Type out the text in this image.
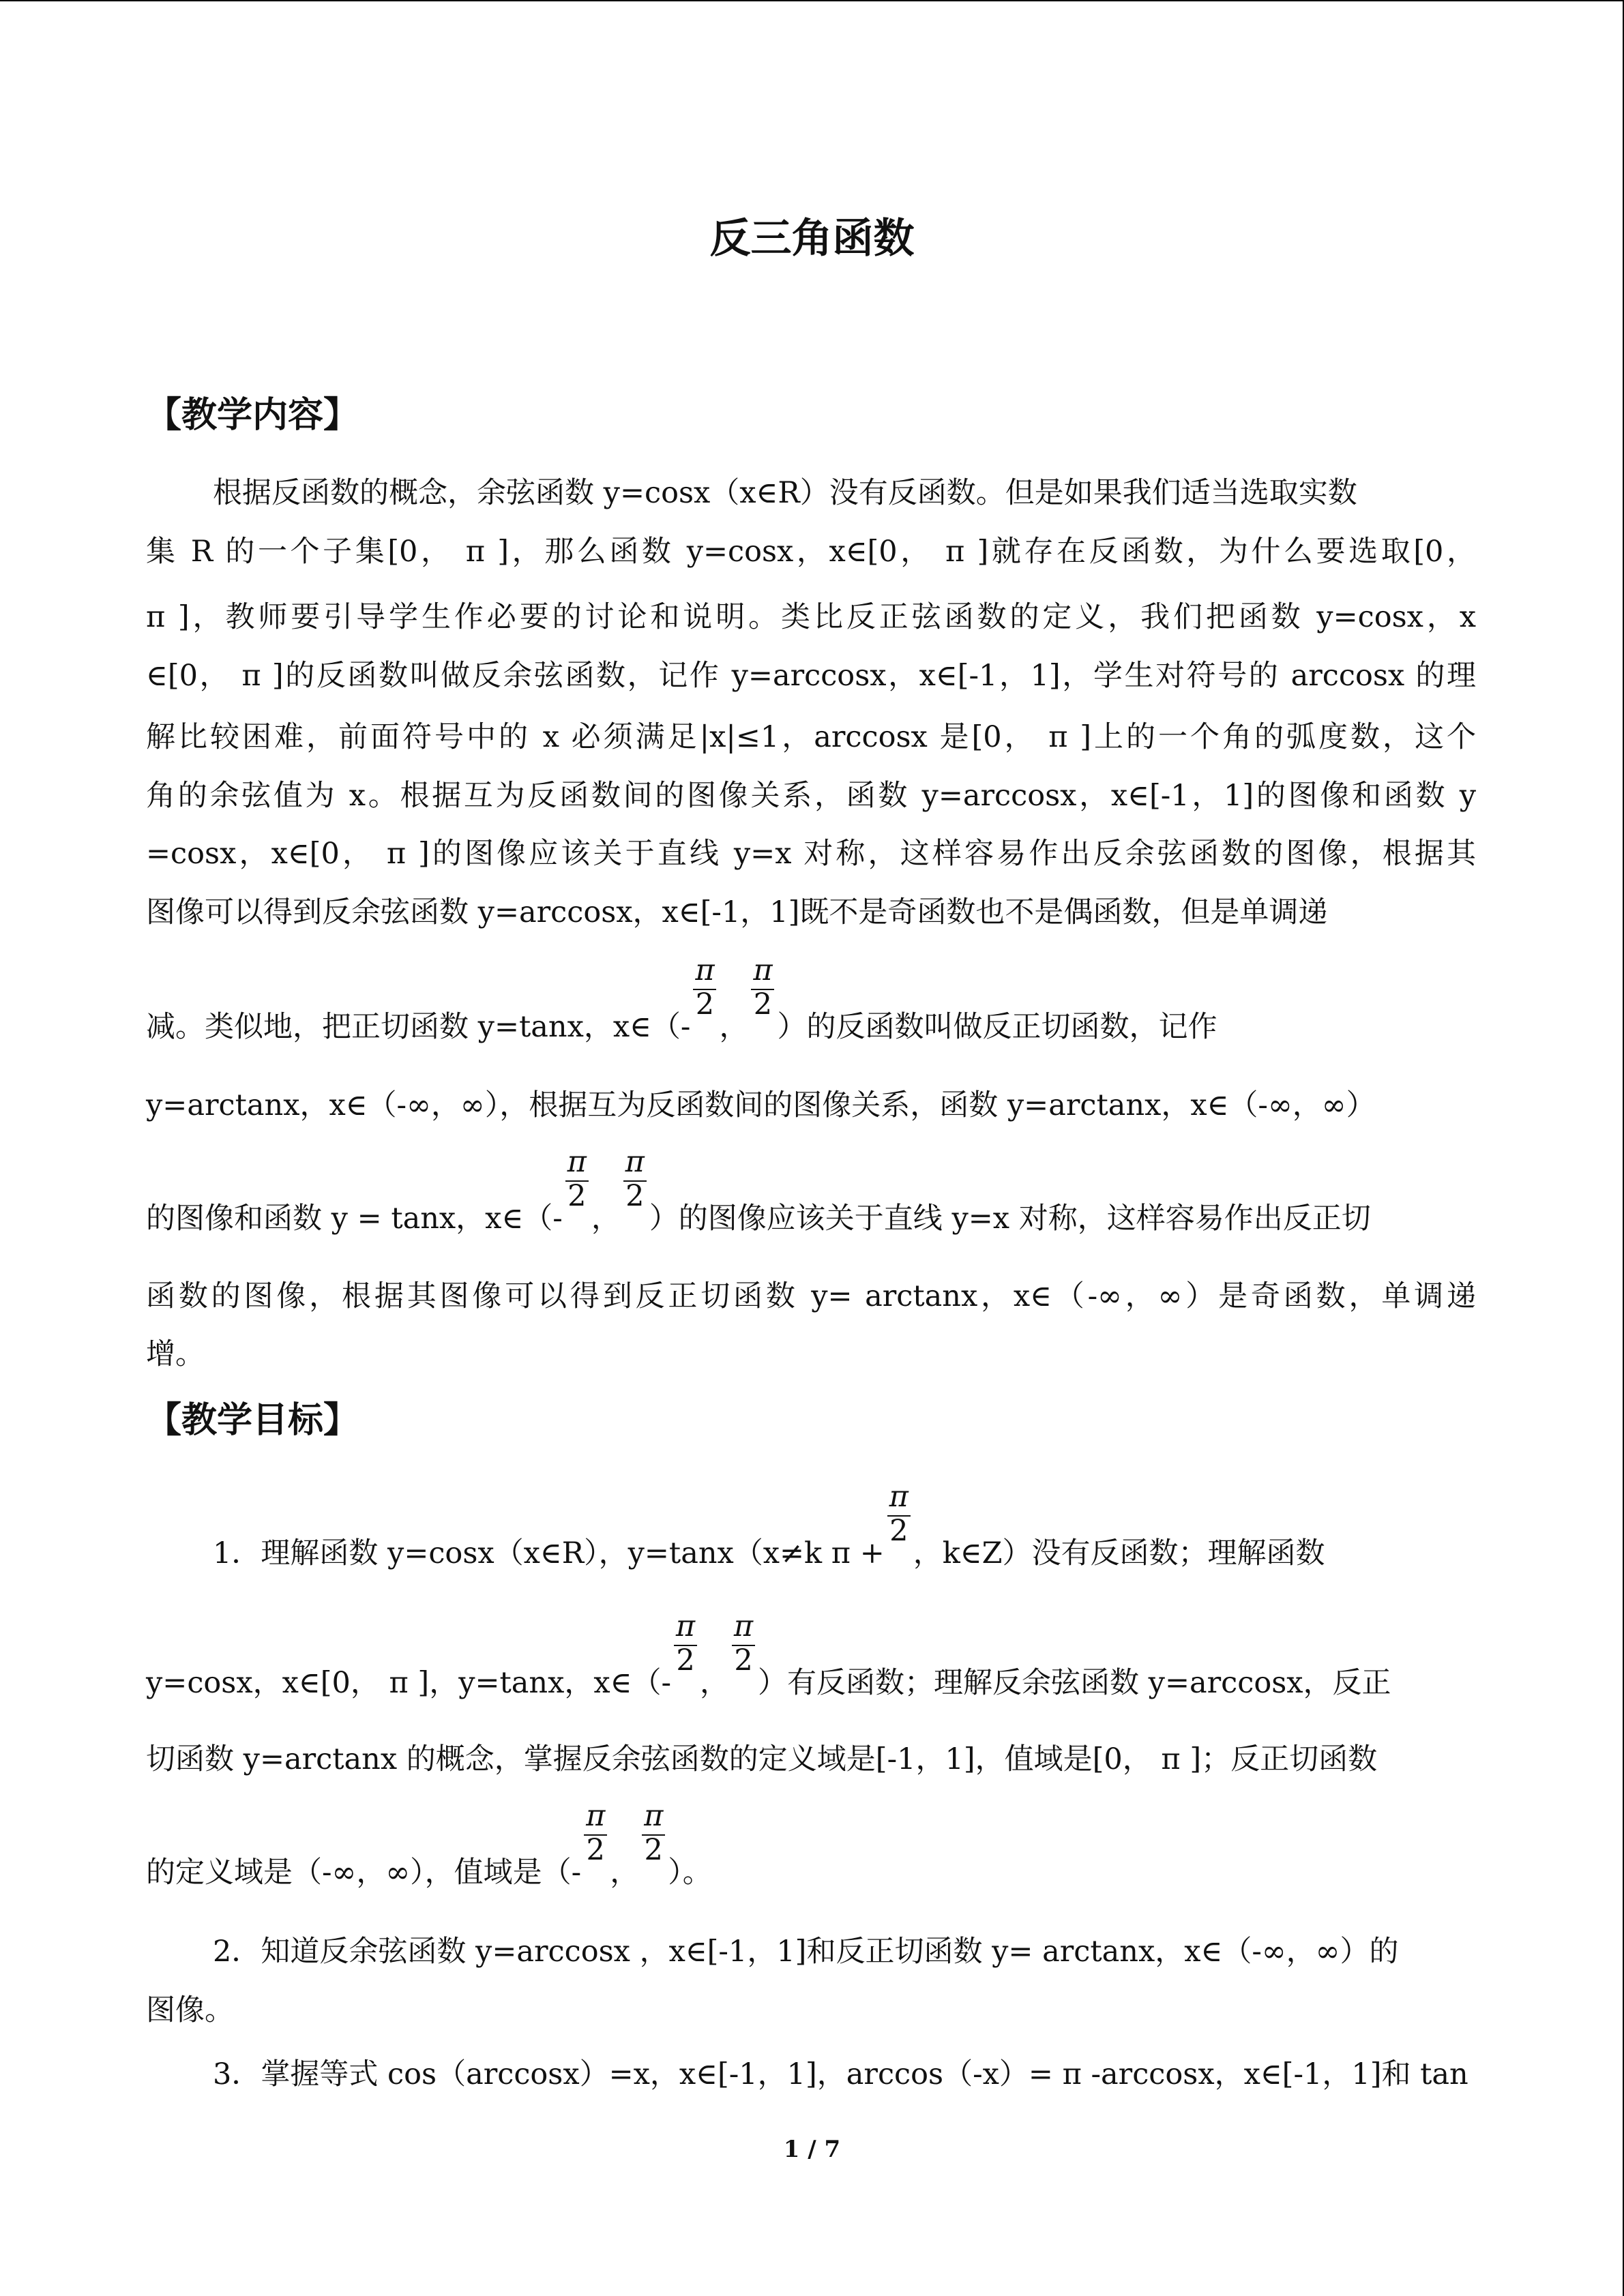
反三角函数
【教学内容】
根据反函数的概念，余弦函数 y=cosx（x∈R）没有反函数。但是如果我们适当选取实数
集 R 的一个子集[0， π ]，那么函数 y=cosx，x∈[0， π ]就存在反函数，为什么要选取[0，
π ]，教师要引导学生作必要的讨论和说明。类比反正弦函数的定义，我们把函数 y=cosx，x
∈[0， π ]的反函数叫做反余弦函数，记作 y=arccosx，x∈[-1，1]，学生对符号的 arccosx 的理
解比较困难，前面符号中的 x 必须满足|x|≤1，arccosx 是[0， π ]上的一个角的弧度数，这个
角的余弦值为 x。根据互为反函数间的图像关系，函数 y=arccosx，x∈[-1，1]的图像和函数 y
=cosx，x∈[0， π ]的图像应该关于直线 y=x 对称，这样容易作出反余弦函数的图像，根据其
图像可以得到反余弦函数 y=arccosx，x∈[-1，1]既不是奇函数也不是偶函数，但是单调递
减。类似地，把正切函数 y=tanx，x∈（- $\frac{\pi}{2}$ ， $\frac{\pi}{2}$ ）的反函数叫做反正切函数，记作
y=arctanx，x∈（-∞，∞），根据互为反函数间的图像关系，函数 y=arctanx，x∈（-∞，∞）
的图像和函数 y = tanx，x∈（- $\frac{\pi}{2}$ ， $\frac{\pi}{2}$ ）的图像应该关于直线 y=x 对称，这样容易作出反正切
函数的图像，根据其图像可以得到反正切函数 y= arctanx，x∈（-∞，∞）是奇函数，单调递
增。
【教学目标】
1．理解函数 y=cosx（x∈R），y=tanx（x≠k $\pi + \frac{\pi}{2}$ ，k∈Z）没有反函数；理解函数
y=cosx，x∈[0， π ]，y=tanx，x∈（- $\frac{\pi}{2}$ ， $\frac{\pi}{2}$ ）有反函数；理解反余弦函数 y=arccosx，反正
切函数 y=arctanx 的概念，掌握反余弦函数的定义域是[-1，1]，值域是[0， π ]；反正切函数
的定义域是（-∞，∞），值域是（- $\frac{\pi}{2}$ ， $\frac{\pi}{2}$ ）。
2．知道反余弦函数 y=arccosx ，x∈[-1，1]和反正切函数 y= arctanx，x∈（-∞，∞）的
图像。
3．掌握等式 cos（arccosx）=x，x∈[-1，1]，arccos（-x）= π -arccosx，x∈[-1，1]和 tan
1 / 7
